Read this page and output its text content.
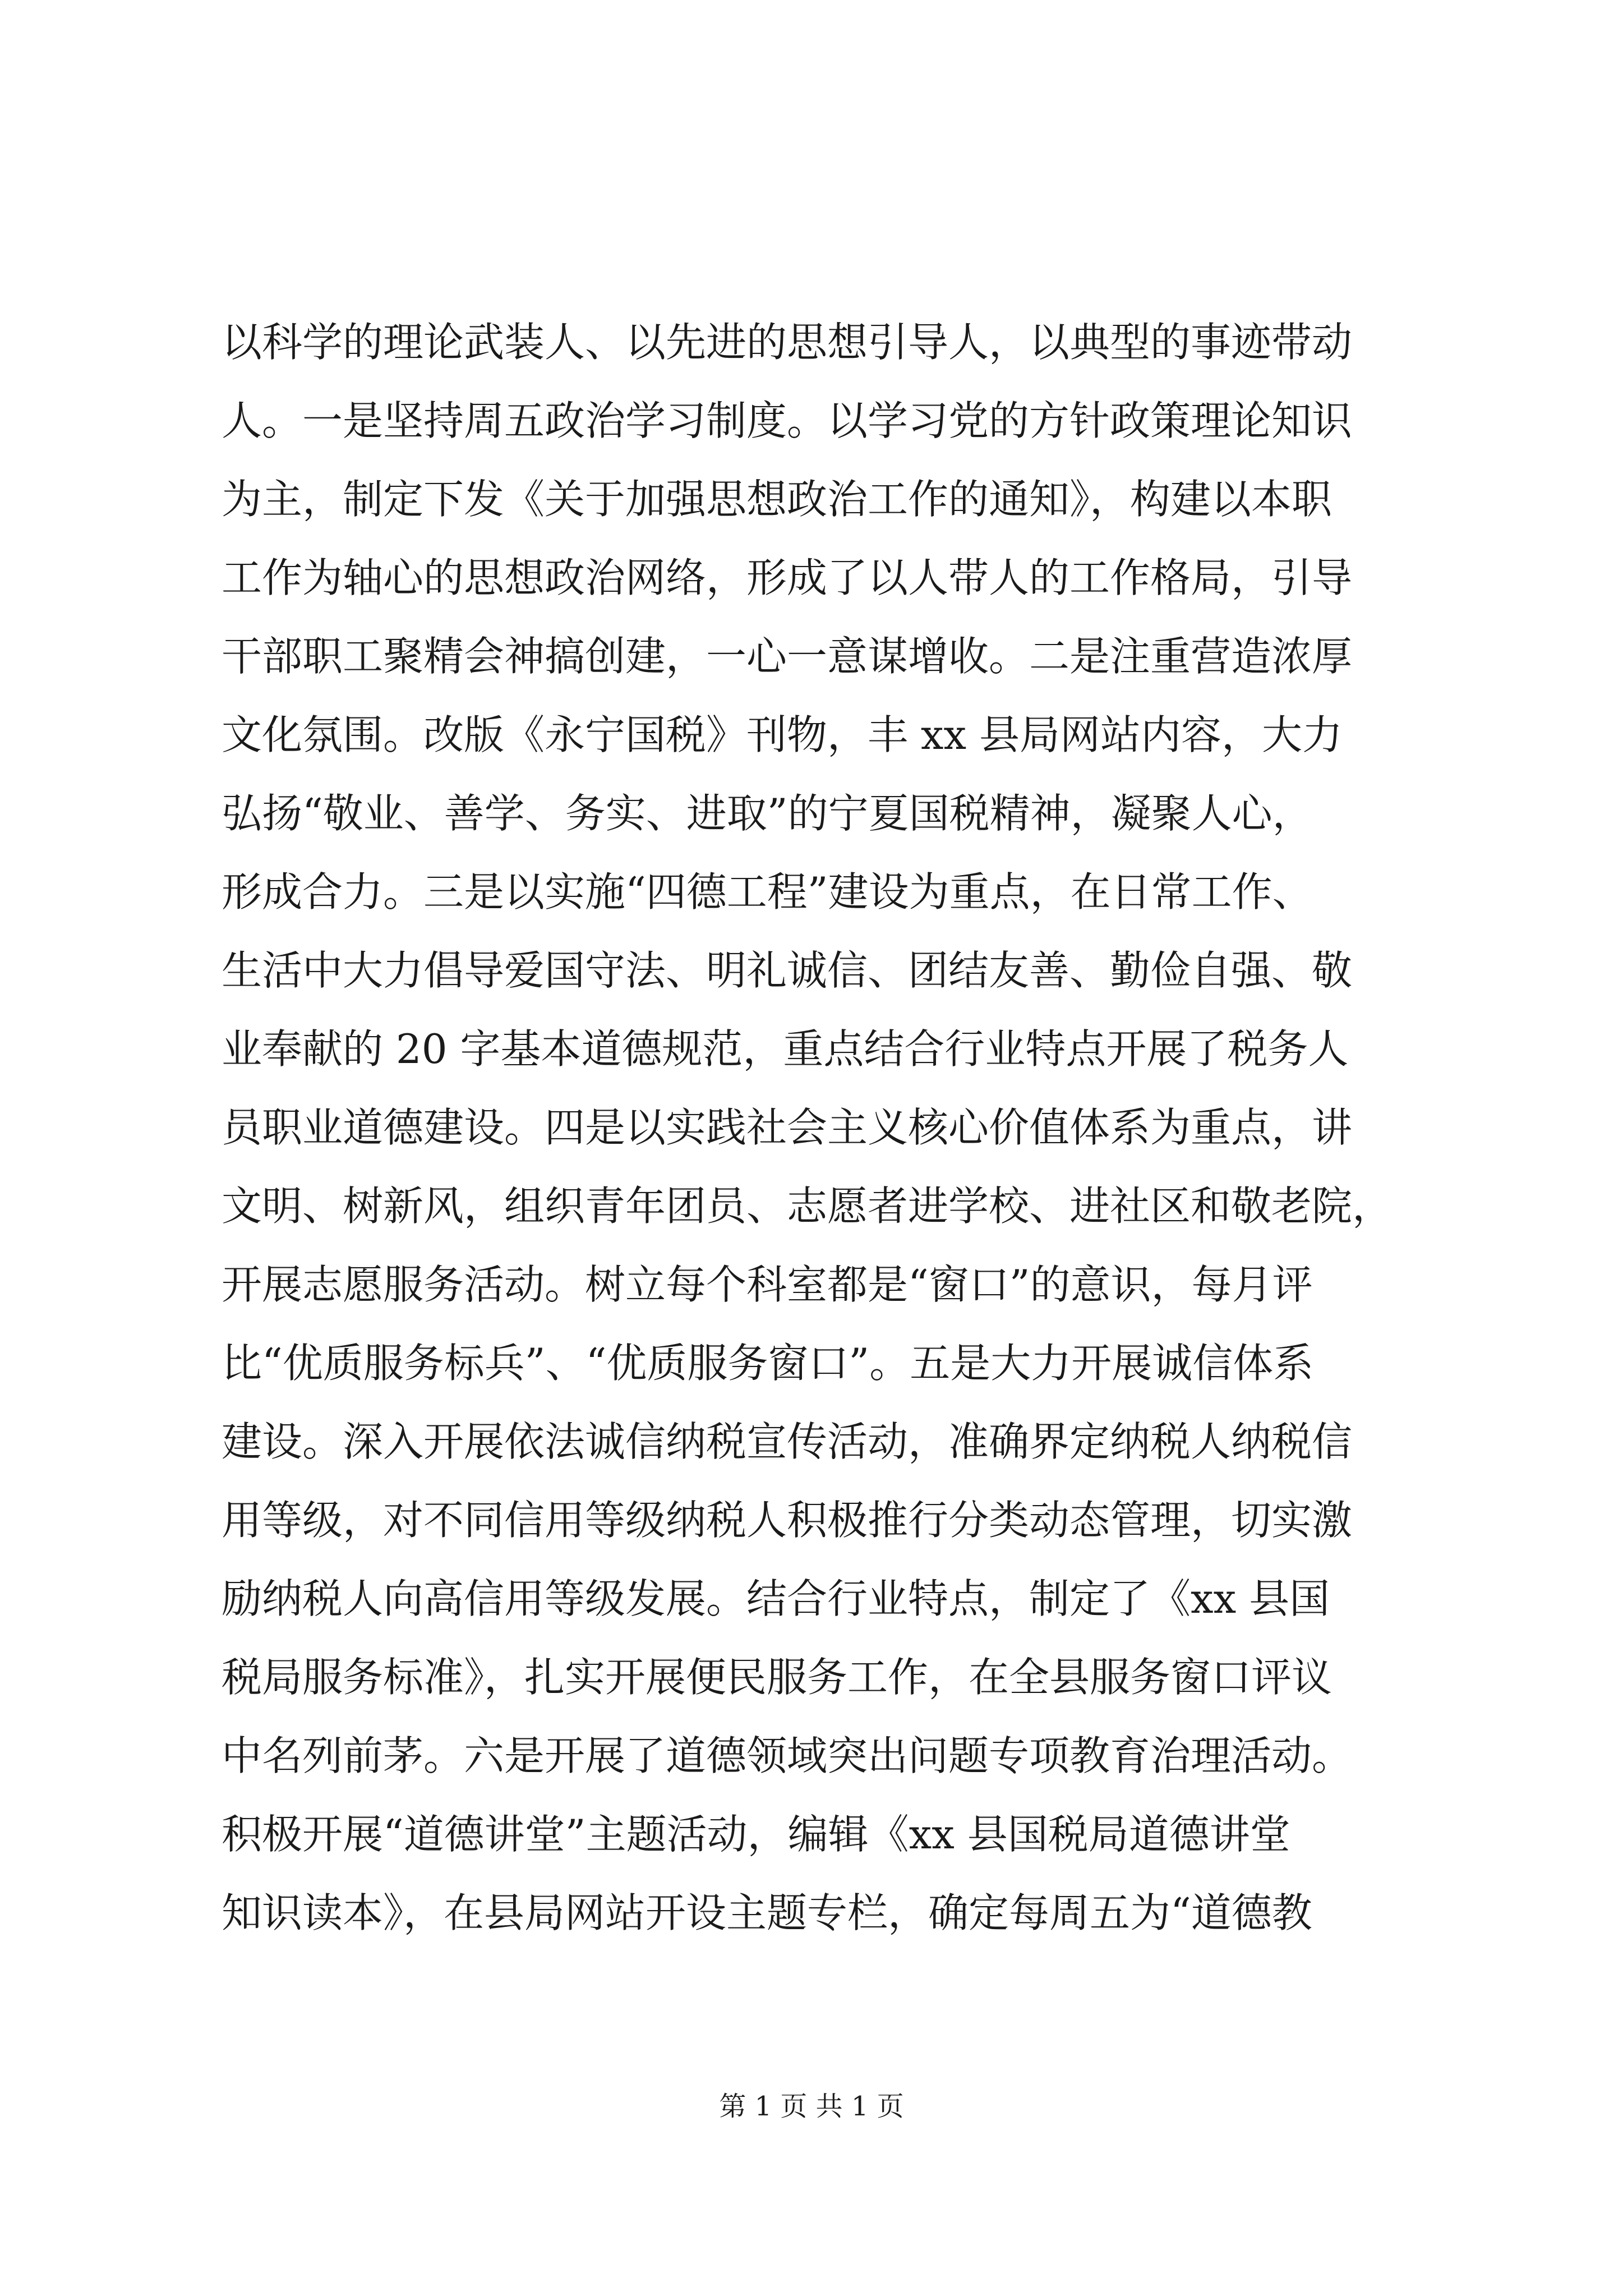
以科学的理论武装人、以先进的思想引导人，以典型的事迹带动
人。一是坚持周五政治学习制度。以学习党的方针政策理论知识
为主，制定下发《关于加强思想政治工作的通知》，构建以本职
工作为轴心的思想政治网络，形成了以人带人的工作格局，引导
干部职工聚精会神搞创建，一心一意谋增收。二是注重营造浓厚
文化氛围。改版《永宁国税》刊物，丰 xx 县局网站内容，大力
弘扬“敬业、善学、务实、进取”的宁夏国税精神，凝聚人心，
形成合力。三是以实施“四德工程”建设为重点，在日常工作、
生活中大力倡导爱国守法、明礼诚信、团结友善、勤俭自强、敬
业奉献的 20 字基本道德规范，重点结合行业特点开展了税务人
员职业道德建设。四是以实践社会主义核心价值体系为重点，讲
文明、树新风，组织青年团员、志愿者进学校、进社区和敬老院，
开展志愿服务活动。树立每个科室都是“窗口”的意识，每月评
比“优质服务标兵”、“优质服务窗口”。五是大力开展诚信体系
建设。深入开展依法诚信纳税宣传活动，准确界定纳税人纳税信
用等级，对不同信用等级纳税人积极推行分类动态管理，切实激
励纳税人向高信用等级发展。结合行业特点，制定了《xx 县国
税局服务标准》，扎实开展便民服务工作，在全县服务窗口评议
中名列前茅。六是开展了道德领域突出问题专项教育治理活动。
积极开展“道德讲堂”主题活动，编辑《xx 县国税局道德讲堂
知识读本》，在县局网站开设主题专栏，确定每周五为“道德教
第 1 页 共 1 页
